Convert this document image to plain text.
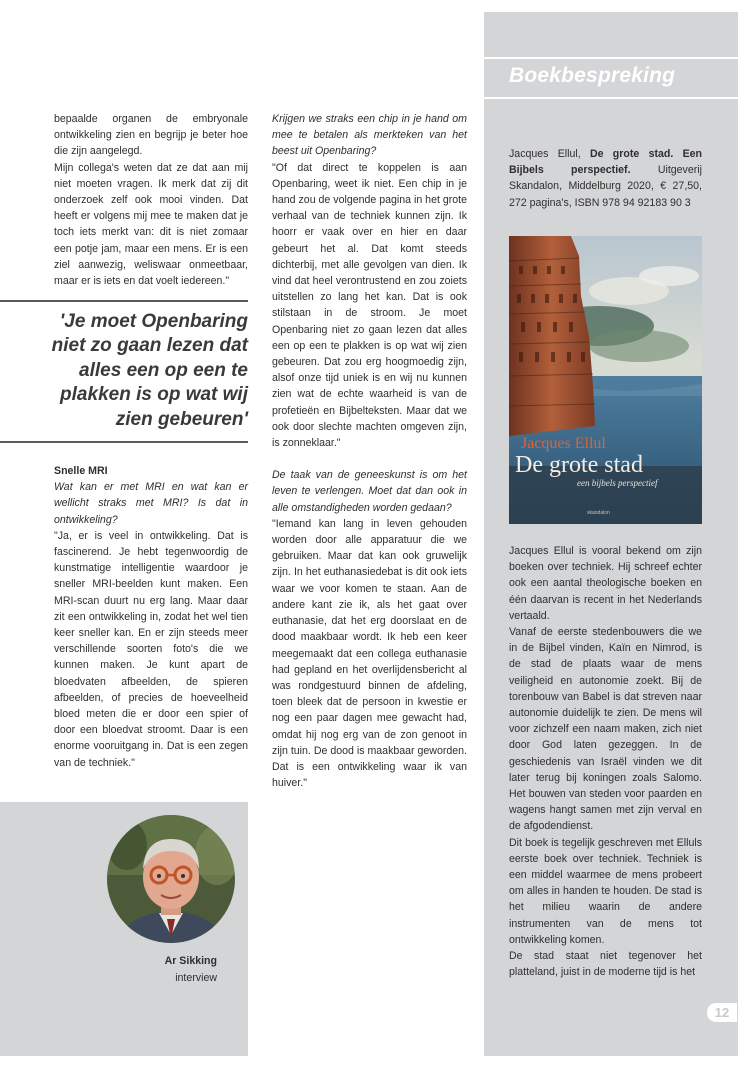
Boekbespreking

bepaalde organen de embryonale ontwikkeling zien en begrijp je beter hoe die zijn aangelegd.

Mijn collega's weten dat ze dat aan mij niet moeten vragen. Ik merk dat zij dit onderzoek zelf ook mooi vinden. Dat heeft er volgens mij mee te maken dat je toch iets merkt van: dit is niet zomaar een potje jam, maar een mens. Er is een ziel aanwezig, weliswaar onmeetbaar, maar er is iets en dat voelt iedereen."

'Je moet Openbaring niet zo gaan lezen dat alles een op een te plakken is op wat wij zien gebeuren'

Snelle MRI

Wat kan er met MRI en wat kan er wellicht straks met MRI? Is dat in ontwikkeling?

"Ja, er is veel in ontwikkeling. Dat is fascinerend. Je hebt tegenwoordig de kunstmatige intelligentie waardoor je sneller MRI-beelden kunt maken. Een MRI-scan duurt nu erg lang. Maar daar zit een ontwikkeling in, zodat het wel tien keer sneller kan. En er zijn steeds meer verschillende soorten foto's die we kunnen maken. Je kunt apart de bloedvaten afbeelden, de spieren afbeelden, of precies de hoeveelheid bloed meten die er door een spier of door een bloedvat stroomt. Daar is een enorme vooruitgang in. Dat is een zegen van de techniek."

Krijgen we straks een chip in je hand om mee te betalen als merkteken van het beest uit Openbaring?

"Of dat direct te koppelen is aan Openbaring, weet ik niet. Een chip in je hand zou de volgende pagina in het grote verhaal van de techniek kunnen zijn. Ik hoorr er vaak over en hier en daar gebeurt het al. Dat komt steeds dichterbij, met alle gevolgen van dien. Ik vind dat heel verontrustend en zou zoiets uitstellen zo lang het kan. Dat is ook stilstaan in de stroom. Je moet Openbaring niet zo gaan lezen dat alles een op een te plakken is op wat wij zien gebeuren. Dat zou erg hoogmoedig zijn, alsof onze tijd uniek is en wij nu kunnen zien wat de echte waarheid is van de profetieën en Bijbelteksten. Maar dat we ook door slechte machten omgeven zijn, is zonneklaar."

De taak van de geneeskunst is om het leven te verlengen. Moet dat dan ook in alle omstandigheden worden gedaan?

"Iemand kan lang in leven gehouden worden door alle apparatuur die we gebruiken. Maar dat kan ook gruwelijk zijn. In het euthanasiedebat is dit ook iets waar we voor komen te staan. Aan de andere kant zie ik, als het gaat over euthanasie, dat het erg doorslaat en de dood maakbaar wordt. Ik heb een keer meegemaakt dat een collega euthanasie had gepland en het overlijdensbericht al was rondgestuurd binnen de afdeling, toen bleek dat de persoon in kwestie er nog een paar dagen mee gewacht had, omdat hij nog erg van de zon genoot in zijn tuin. De dood is maakbaar geworden. Dat is een ontwikkeling waar ik van huiver."

Jacques Ellul, De grote stad. Een Bijbels perspectief. Uitgeverij Skandalon, Middelburg 2020, € 27,50, 272 pagina's, ISBN 978 94 92183 90 3

Jacques Ellul
De grote stad
een bijbels perspectief
skandalon

Jacques Ellul is vooral bekend om zijn boeken over techniek. Hij schreef echter ook een aantal theologische boeken en één daarvan is recent in het Nederlands vertaald.

Vanaf de eerste stedenbouwers die we in de Bijbel vinden, Kaïn en Nimrod, is de stad de plaats waar de mens veiligheid en autonomie zoekt. Bij de torenbouw van Babel is dat streven naar autonomie duidelijk te zien. De mens wil voor zichzelf een naam maken, zich niet door God laten gezeggen. In de geschiedenis van Israël vinden we dit later terug bij koningen zoals Salomo. Het bouwen van steden voor paarden en wagens hangt samen met zijn verval en de afgodendienst.

Dit boek is tegelijk geschreven met Elluls eerste boek over techniek. Techniek is een middel waarmee de mens probeert om alles in handen te houden. De stad is het milieu waarin de andere instrumenten van de mens tot ontwikkeling komen.

De stad staat niet tegenover het platteland, juist in de moderne tijd is het

Ar Sikking
interview
12
